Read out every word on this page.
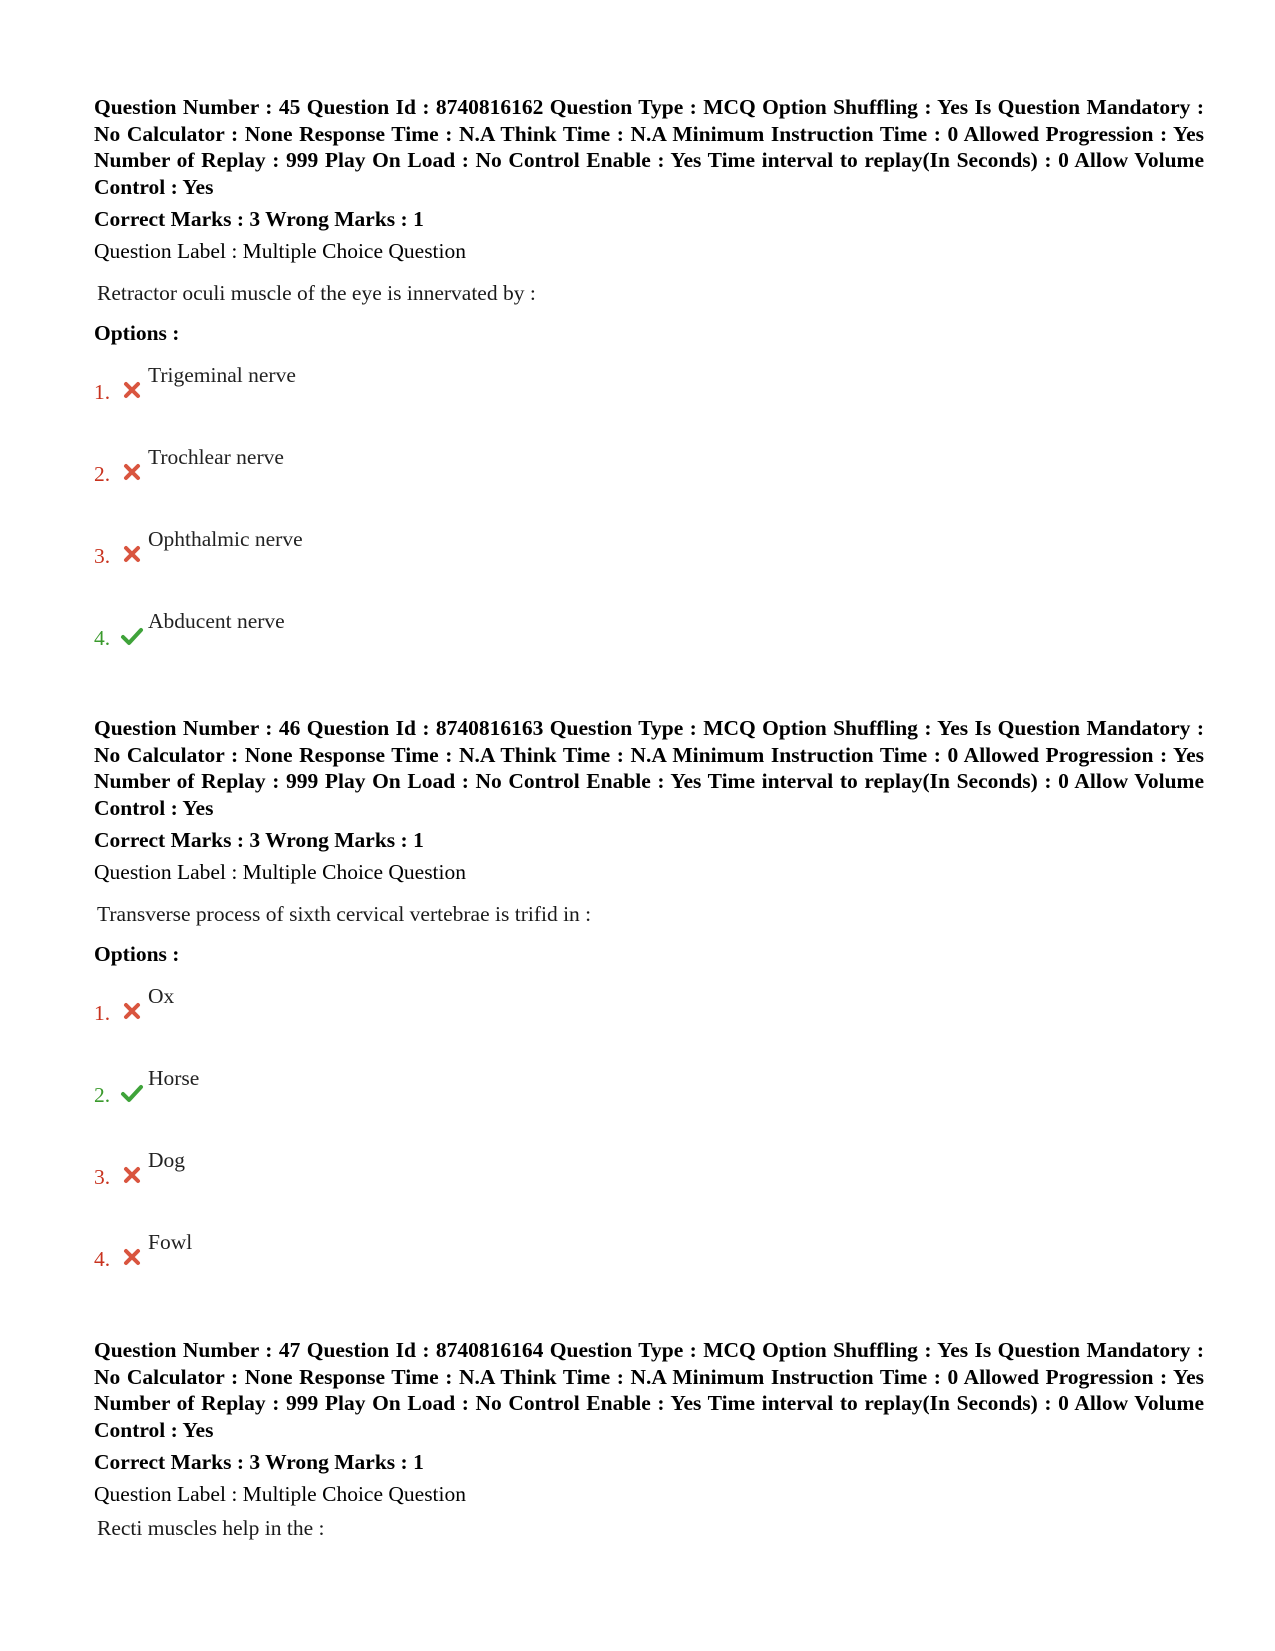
Question Number : 45 Question Id : 8740816162 Question Type : MCQ Option Shuffling : Yes Is Question Mandatory : No Calculator : None Response Time : N.A Think Time : N.A Minimum Instruction Time : 0 Allowed Progression : Yes Number of Replay : 999 Play On Load : No Control Enable : Yes Time interval to replay(In Seconds) : 0 Allow Volume Control : Yes

Correct Marks : 3 Wrong Marks : 1
Question Label : Multiple Choice Question
Retractor oculi muscle of the eye is innervated by :
Options :
1.
Trigeminal nerve
2.
Trochlear nerve
3.
Ophthalmic nerve
4.
Abducent nerve

Question Number : 46 Question Id : 8740816163 Question Type : MCQ Option Shuffling : Yes Is Question Mandatory : No Calculator : None Response Time : N.A Think Time : N.A Minimum Instruction Time : 0 Allowed Progression : Yes Number of Replay : 999 Play On Load : No Control Enable : Yes Time interval to replay(In Seconds) : 0 Allow Volume Control : Yes

Correct Marks : 3 Wrong Marks : 1
Question Label : Multiple Choice Question
Transverse process of sixth cervical vertebrae is trifid in :
Options :
1.
Ox
2.
Horse
3.
Dog
4.
Fowl

Question Number : 47 Question Id : 8740816164 Question Type : MCQ Option Shuffling : Yes Is Question Mandatory : No Calculator : None Response Time : N.A Think Time : N.A Minimum Instruction Time : 0 Allowed Progression : Yes Number of Replay : 999 Play On Load : No Control Enable : Yes Time interval to replay(In Seconds) : 0 Allow Volume Control : Yes

Correct Marks : 3 Wrong Marks : 1
Question Label : Multiple Choice Question
Recti muscles help in the :
